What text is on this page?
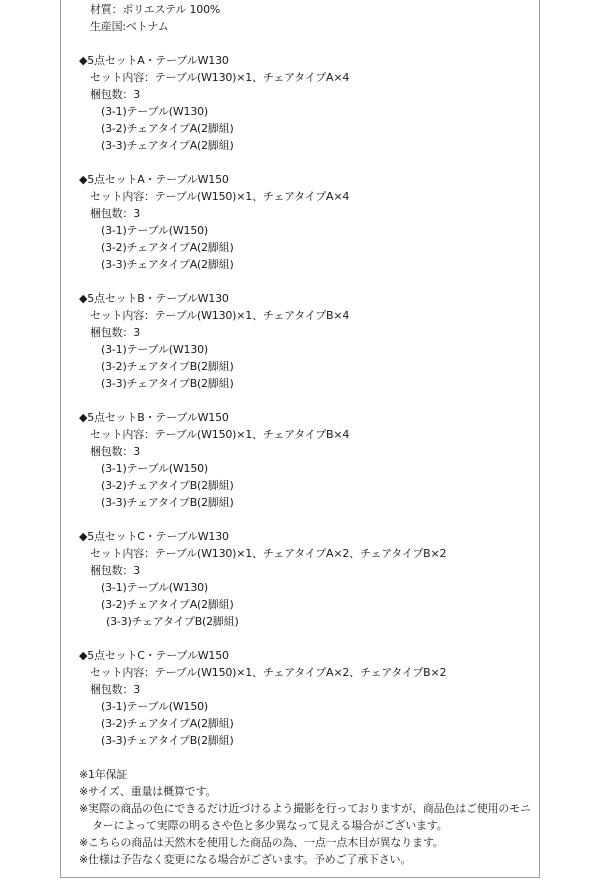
材質：ポリエステル 100%
生産国:ベトナム
◆5点セットA・テーブルW130
セット内容：テーブル(W130)×1、チェアタイプA×4
梱包数：3
(3-1)テーブル(W130)
(3-2)チェアタイプA(2脚組)
(3-3)チェアタイプA(2脚組)
◆5点セットA・テーブルW150
セット内容：テーブル(W150)×1、チェアタイプA×4
梱包数：3
(3-1)テーブル(W150)
(3-2)チェアタイプA(2脚組)
(3-3)チェアタイプA(2脚組)
◆5点セットB・テーブルW130
セット内容：テーブル(W130)×1、チェアタイプB×4
梱包数：3
(3-1)テーブル(W130)
(3-2)チェアタイプB(2脚組)
(3-3)チェアタイプB(2脚組)
◆5点セットB・テーブルW150
セット内容：テーブル(W150)×1、チェアタイプB×4
梱包数：3
(3-1)テーブル(W150)
(3-2)チェアタイプB(2脚組)
(3-3)チェアタイプB(2脚組)
◆5点セットC・テーブルW130
セット内容：テーブル(W130)×1、チェアタイプA×2、チェアタイプB×2
梱包数：3
(3-1)テーブル(W130)
(3-2)チェアタイプA(2脚組)
(3-3)チェアタイプB(2脚組)
◆5点セットC・テーブルW150
セット内容：テーブル(W150)×1、チェアタイプA×2、チェアタイプB×2
梱包数：3
(3-1)テーブル(W150)
(3-2)チェアタイプA(2脚組)
(3-3)チェアタイプB(2脚組)
※1年保証
※サイズ、重量は概算です。
※実際の商品の色にできるだけ近づけるよう撮影を行っておりますが、商品色はご使用のモニ
ターによって実際の明るさや色と多少異なって見える場合がございます。
※こちらの商品は天然木を使用した商品の為、一点一点木目が異なります。
※仕様は予告なく変更になる場合がございます。予めご了承下さい。
